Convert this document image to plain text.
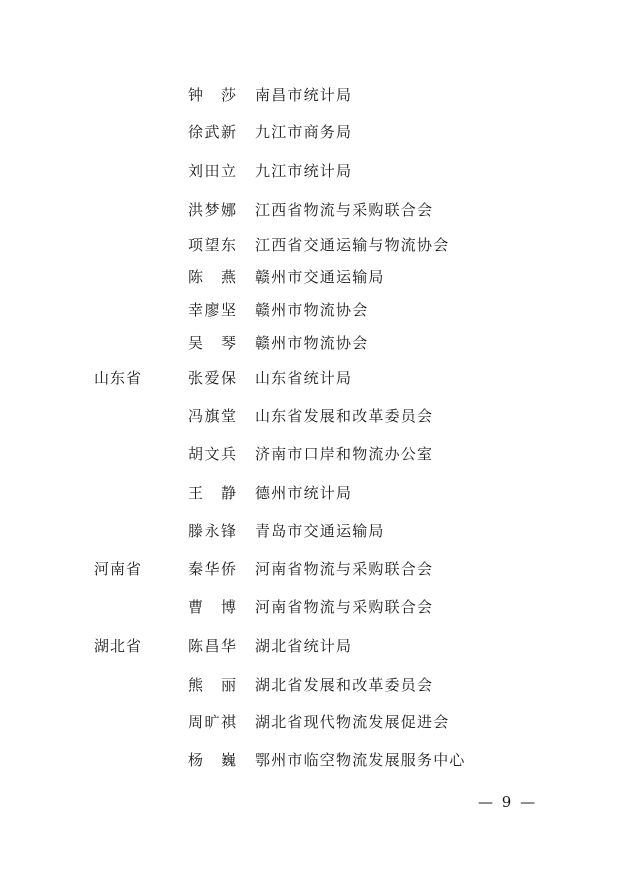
钟　莎 南昌市统计局
徐武新 九江市商务局
刘田立 九江市统计局
洪梦娜 江西省物流与采购联合会
项望东 江西省交通运输与物流协会
陈　燕 赣州市交通运输局
幸廖坚 赣州市物流协会
吴　琴 赣州市物流协会
山东省	张爱保 山东省统计局
冯旗堂 山东省发展和改革委员会
胡文兵 济南市口岸和物流办公室
王　静 德州市统计局
滕永锋 青岛市交通运输局
河南省	秦华侨 河南省物流与采购联合会
曹　博 河南省物流与采购联合会
湖北省	陈昌华 湖北省统计局
熊　丽 湖北省发展和改革委员会
周旷祺 湖北省现代物流发展促进会
杨　巍 鄂州市临空物流发展服务中心
— 9 —
